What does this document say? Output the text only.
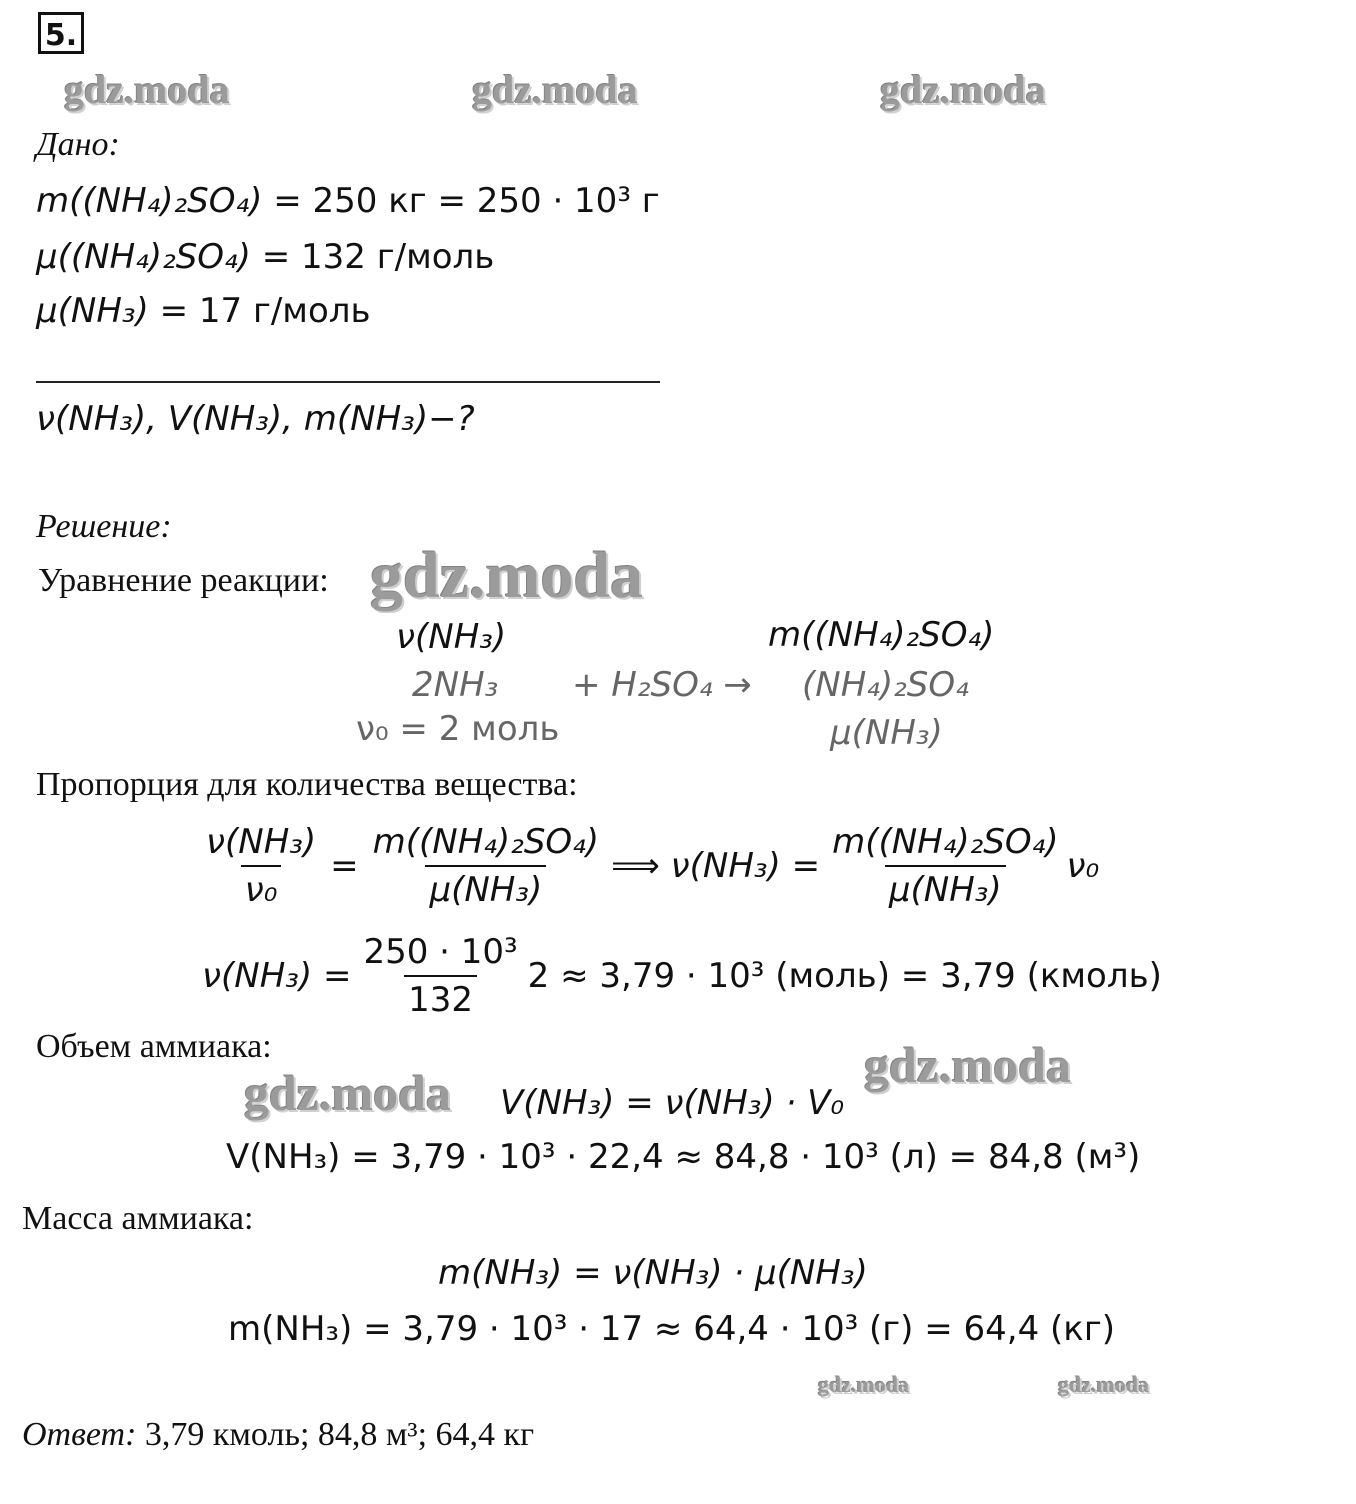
5.
gdz.moda	gdz.moda	gdz.moda
gdz.moda
gdz.moda
gdz.moda
gdz.moda	gdz.moda
Дано:
m((NH₄)₂SO₄) = 250 кг = 250 · 10³ г
μ((NH₄)₂SO₄) = 132 г/моль
μ(NH₃) = 17 г/моль
ν(NH₃), V(NH₃), m(NH₃)−?
Решение:
Уравнение реакции:
ν(NH₃)	m((NH₄)₂SO₄)
2NH₃ + H₂SO₄ → (NH₄)₂SO₄
ν₀ = 2 моль	μ(NH₃)
Пропорция для количества вещества:
$\frac{\text{ν(NH₃)}}{\text{ν₀}} = \frac{\text{m((NH₄)₂SO₄)}}{\text{μ(NH₃)}}$ ⟹ $\nu(NH_3) = \frac{\text{m((NH₄)₂SO₄)}}{\text{μ(NH₃)}} \nu_0$
$\nu(NH_3) = \frac{\text{250 · 10³}}{132} 2 \approx 3,79 \cdot 10^3$ (моль) = 3,79 (кмоль)
Объем аммиака:
V(NH₃) = ν(NH₃) · V₀
V(NH₃) = 3,79 · 10³ · 22,4 ≈ 84,8 · 10³ (л) = 84,8 (м³)
Масса аммиака:
m(NH₃) = ν(NH₃) · μ(NH₃)
m(NH₃) = 3,79 · 10³ · 17 ≈ 64,4 · 10³ (г) = 64,4 (кг)
Ответ: 3,79 кмоль; 84,8 м³; 64,4 кг
